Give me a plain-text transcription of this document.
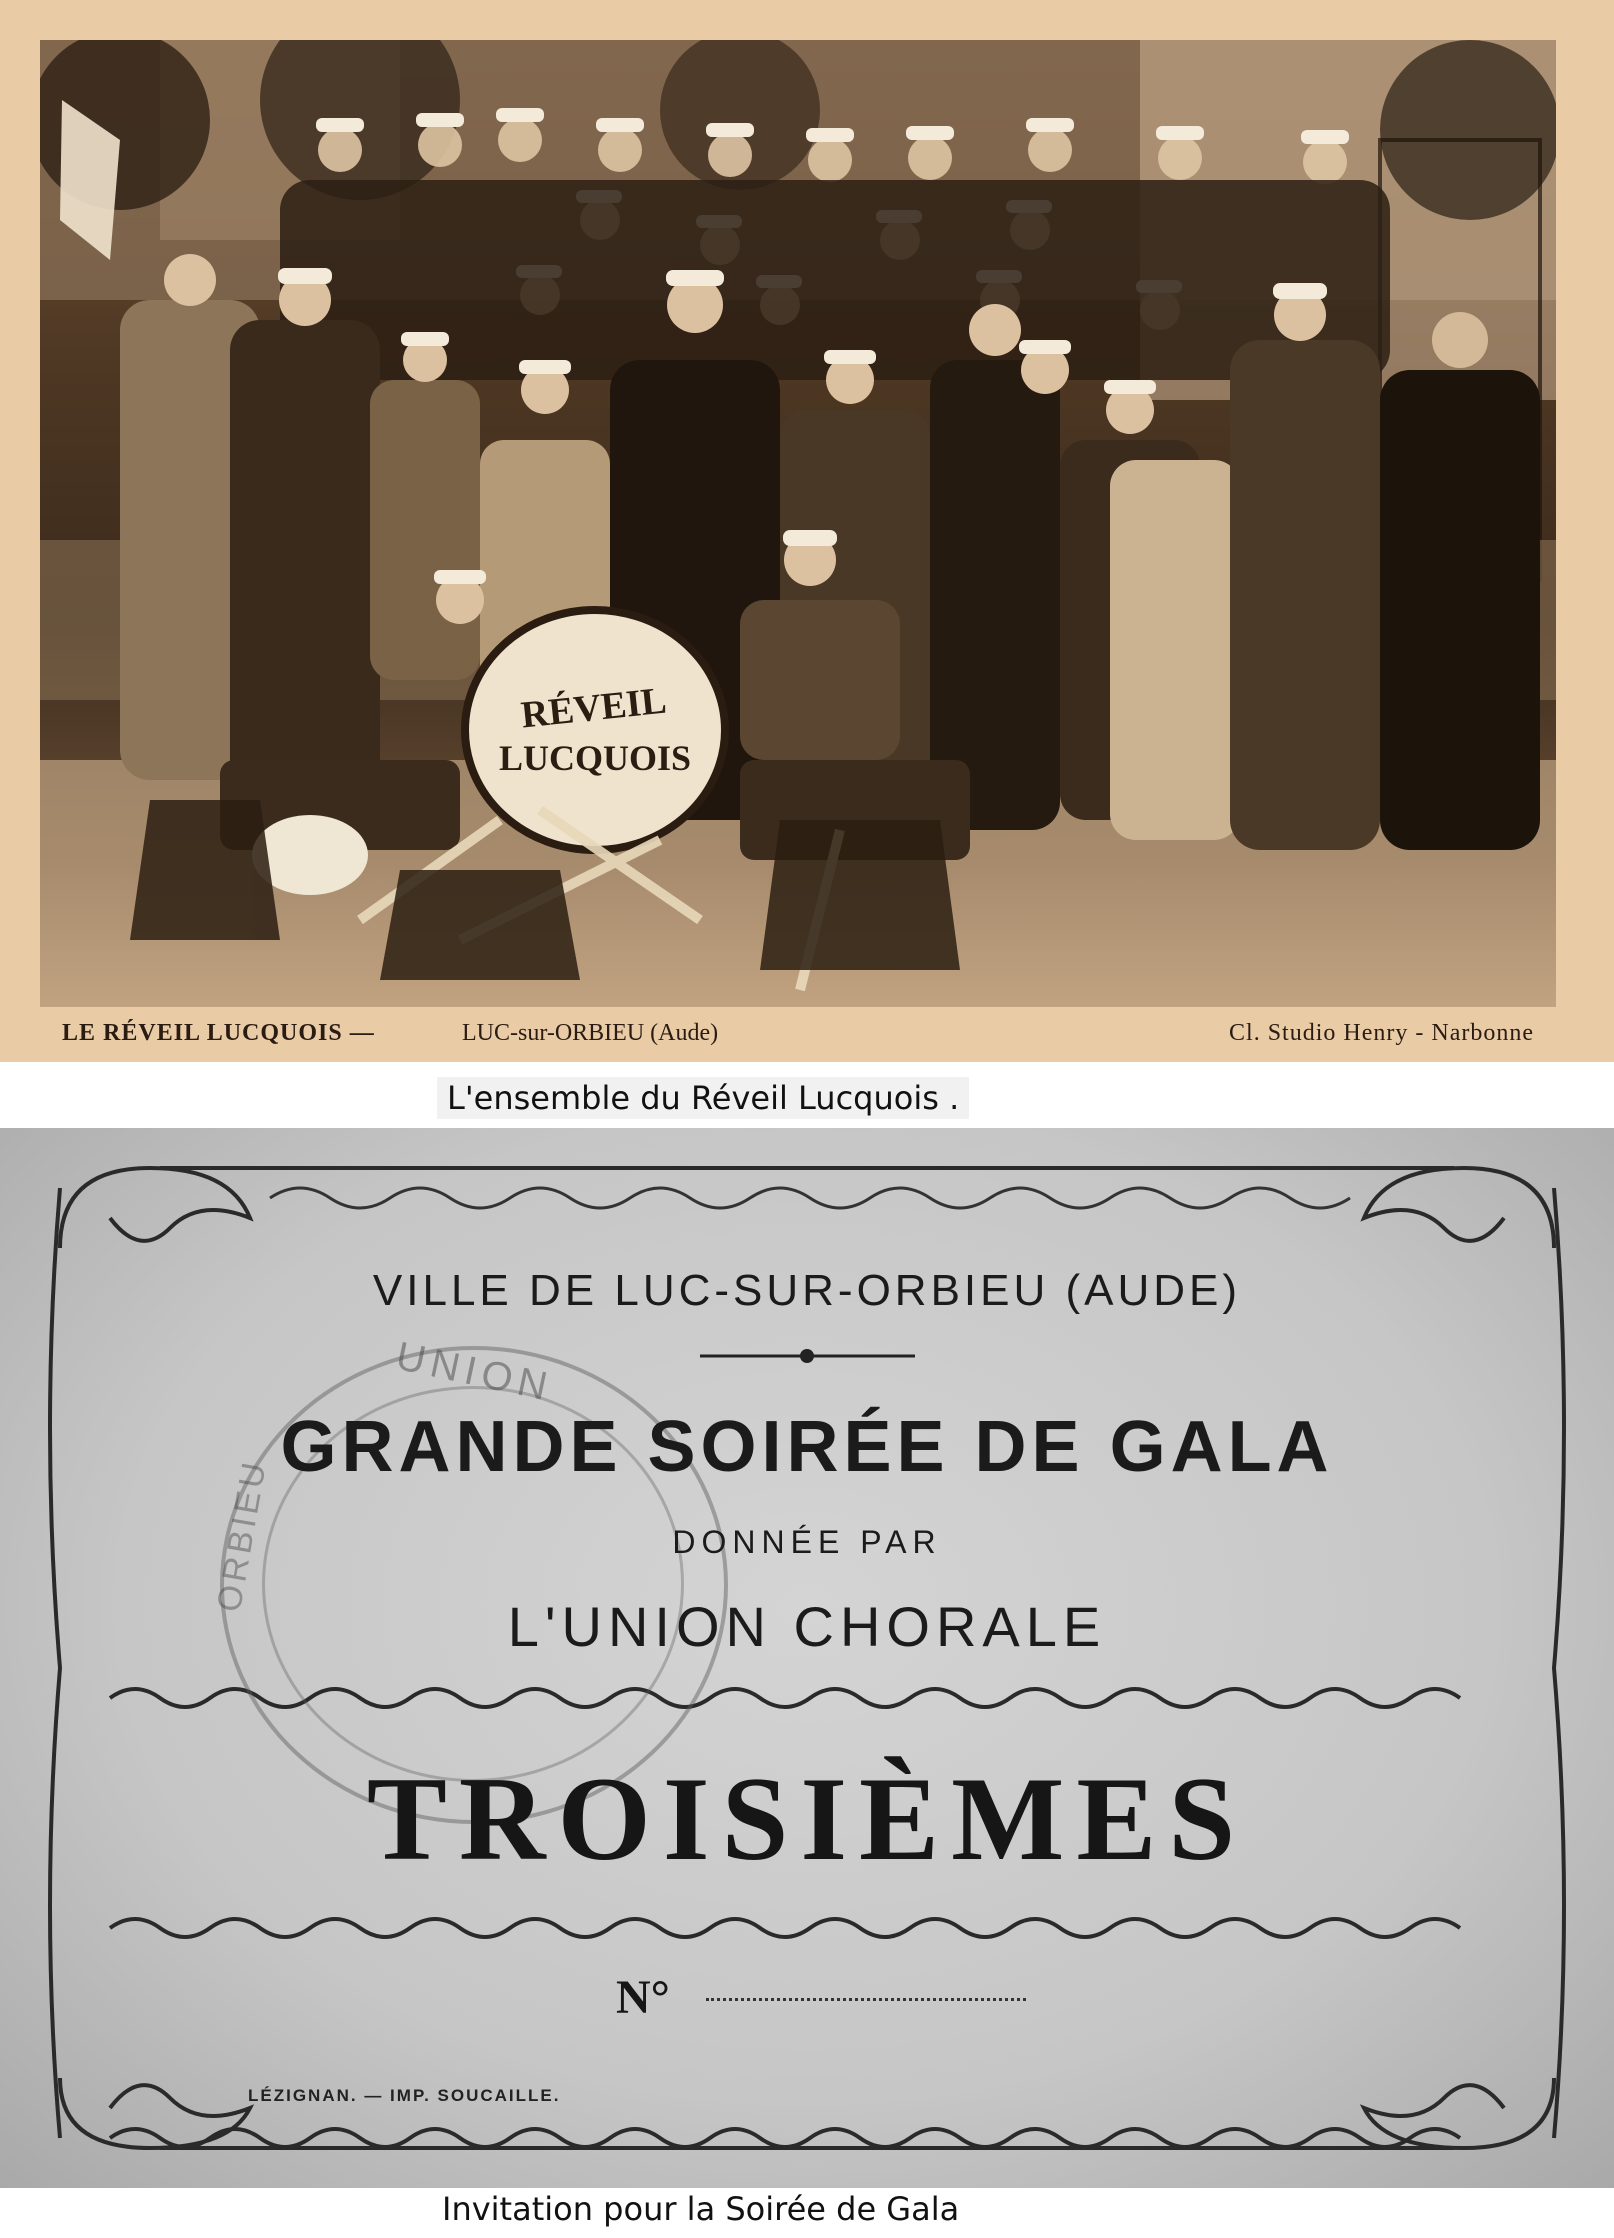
RÉVEIL
LUCQUOIS
LE RÉVEIL LUCQUOIS —	LUC-sur-ORBIEU (Aude)	Cl. Studio Henry - Narbonne
L'ensemble du Réveil Lucquois .
UNION
ORBIEU
VILLE DE LUC-SUR-ORBIEU (AUDE)
GRANDE SOIRÉE DE GALA
DONNÉE PAR
L'UNION CHORALE
TROISIÈMES
N°
LÉZIGNAN. — IMP. SOUCAILLE.
Invitation pour la Soirée de Gala
